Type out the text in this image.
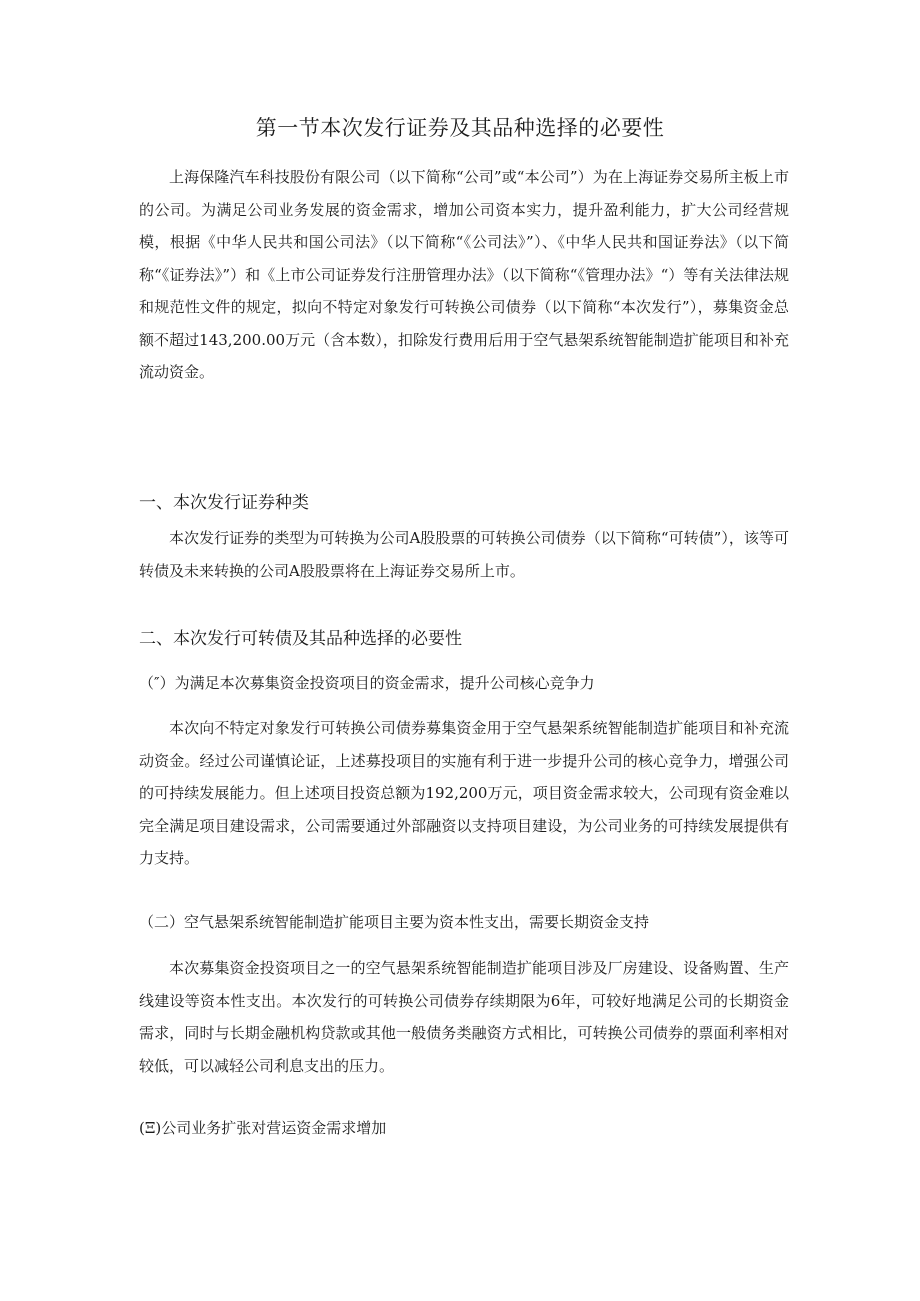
第一节本次发行证券及其品种选择的必要性

上海保隆汽车科技股份有限公司（以下简称“公司”或“本公司”）为在上海证券交易所主板上市的公司。为满足公司业务发展的资金需求，增加公司资本实力，提升盈利能力，扩大公司经营规模，根据《中华人民共和国公司法》（以下简称“《公司法》”）、《中华人民共和国证券法》（以下简称“《证券法》”）和《上市公司证券发行注册管理办法》（以下简称“《管理办法》“）等有关法律法规和规范性文件的规定，拟向不特定对象发行可转换公司债券（以下简称“本次发行”），募集资金总额不超过143,200.00万元（含本数），扣除发行费用后用于空气悬架系统智能制造扩能项目和补充流动资金。

一、本次发行证券种类

本次发行证券的类型为可转换为公司A股股票的可转换公司债券（以下简称“可转债”），该等可转债及未来转换的公司A股股票将在上海证券交易所上市。

二、本次发行可转债及其品种选择的必要性

（″）为满足本次募集资金投资项目的资金需求，提升公司核心竞争力

本次向不特定对象发行可转换公司债券募集资金用于空气悬架系统智能制造扩能项目和补充流动资金。经过公司谨慎论证，上述募投项目的实施有利于进一步提升公司的核心竞争力，增强公司的可持续发展能力。但上述项目投资总额为192,200万元，项目资金需求较大，公司现有资金难以完全满足项目建设需求，公司需要通过外部融资以支持项目建设，为公司业务的可持续发展提供有力支持。

（二）空气悬架系统智能制造扩能项目主要为资本性支出，需要长期资金支持

本次募集资金投资项目之一的空气悬架系统智能制造扩能项目涉及厂房建设、设备购置、生产线建设等资本性支出。本次发行的可转换公司债券存续期限为6年，可较好地满足公司的长期资金需求，同时与长期金融机构贷款或其他一般债务类融资方式相比，可转换公司债券的票面利率相对较低，可以减轻公司利息支出的压力。

(Ξ)公司业务扩张对营运资金需求增加
